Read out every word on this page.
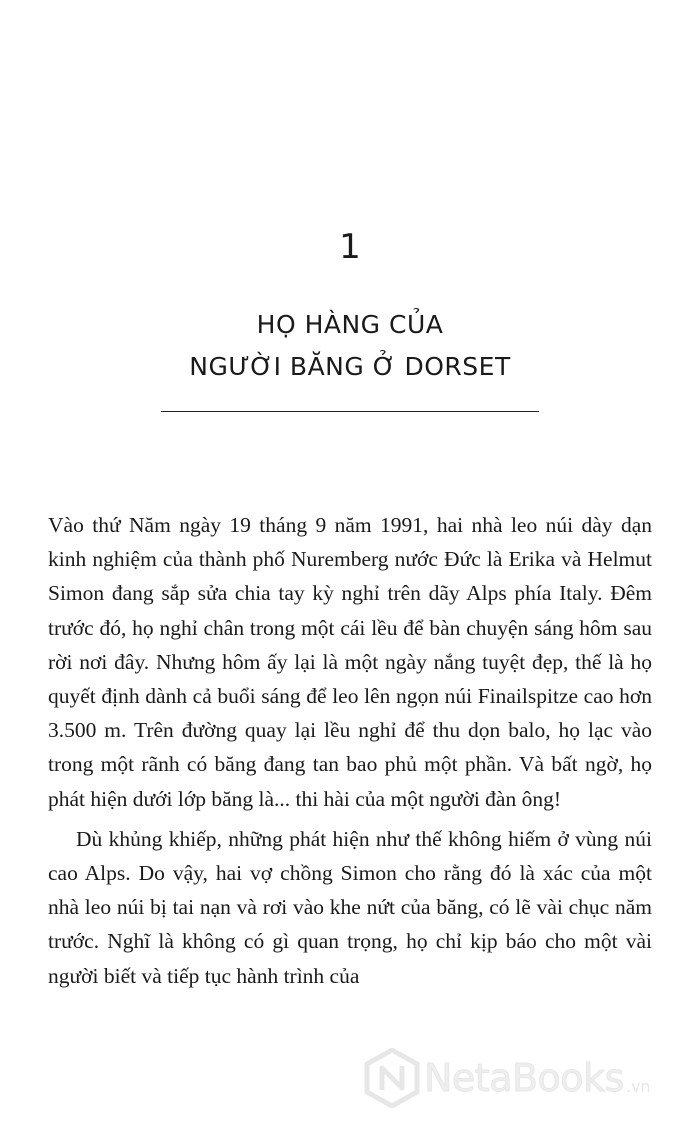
1
HỌ HÀNG CỦA
NGƯỜI BĂNG Ở DORSET

Vào thứ Năm ngày 19 tháng 9 năm 1991, hai nhà leo núi dày dạn kinh nghiệm của thành phố Nuremberg nước Đức là Erika và Helmut Simon đang sắp sửa chia tay kỳ nghỉ trên dãy Alps phía Italy. Đêm trước đó, họ nghỉ chân trong một cái lều để bàn chuyện sáng hôm sau rời nơi đây. Nhưng hôm ấy lại là một ngày nắng tuyệt đẹp, thế là họ quyết định dành cả buổi sáng để leo lên ngọn núi Finailspitze cao hơn 3.500 m. Trên đường quay lại lều nghỉ để thu dọn balo, họ lạc vào trong một rãnh có băng đang tan bao phủ một phần. Và bất ngờ, họ phát hiện dưới lớp băng là... thi hài của một người đàn ông!

Dù khủng khiếp, những phát hiện như thế không hiếm ở vùng núi cao Alps. Do vậy, hai vợ chồng Simon cho rằng đó là xác của một nhà leo núi bị tai nạn và rơi vào khe nứt của băng, có lẽ vài chục năm trước. Nghĩ là không có gì quan trọng, họ chỉ kịp báo cho một vài người biết và tiếp tục hành trình của

NetaBooks .vn
